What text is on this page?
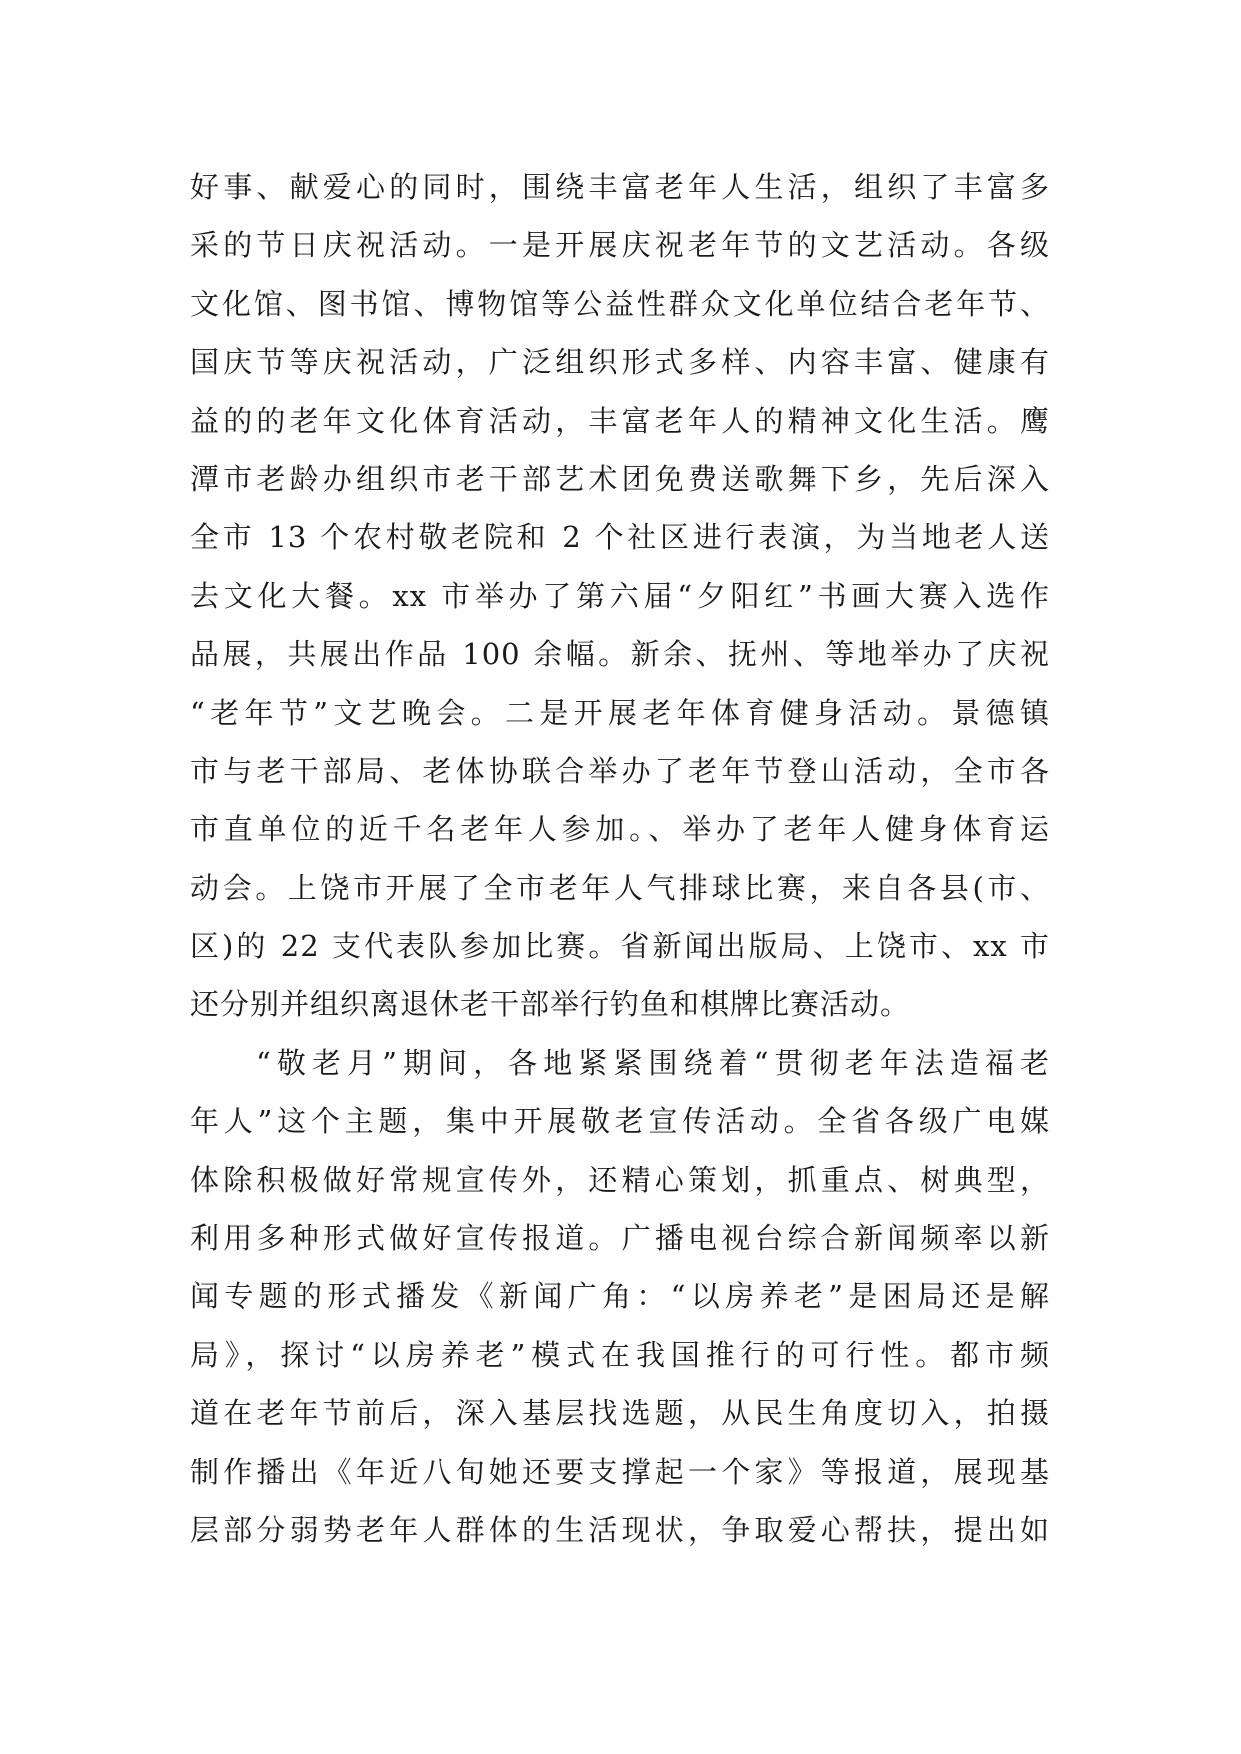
好事、献爱心的同时，围绕丰富老年人生活，组织了丰富多
采的节日庆祝活动。一是开展庆祝老年节的文艺活动。各级
文化馆、图书馆、博物馆等公益性群众文化单位结合老年节、
国庆节等庆祝活动，广泛组织形式多样、内容丰富、健康有
益的的老年文化体育活动，丰富老年人的精神文化生活。鹰
潭市老龄办组织市老干部艺术团免费送歌舞下乡，先后深入
全市 13 个农村敬老院和 2 个社区进行表演，为当地老人送
去文化大餐。xx 市举办了第六届“夕阳红”书画大赛入选作
品展，共展出作品 100 余幅。新余、抚州、等地举办了庆祝
“老年节”文艺晚会。二是开展老年体育健身活动。景德镇
市与老干部局、老体协联合举办了老年节登山活动，全市各
市直单位的近千名老年人参加。、举办了老年人健身体育运
动会。上饶市开展了全市老年人气排球比赛，来自各县(市、
区)的 22 支代表队参加比赛。省新闻出版局、上饶市、xx 市
还分别并组织离退休老干部举行钓鱼和棋牌比赛活动。
“敬老月”期间，各地紧紧围绕着“贯彻老年法造福老
年人”这个主题，集中开展敬老宣传活动。全省各级广电媒
体除积极做好常规宣传外，还精心策划，抓重点、树典型，
利用多种形式做好宣传报道。广播电视台综合新闻频率以新
闻专题的形式播发《新闻广角：“以房养老”是困局还是解
局》，探讨“以房养老”模式在我国推行的可行性。都市频
道在老年节前后，深入基层找选题，从民生角度切入，拍摄
制作播出《年近八旬她还要支撑起一个家》等报道，展现基
层部分弱势老年人群体的生活现状，争取爱心帮扶，提出如
